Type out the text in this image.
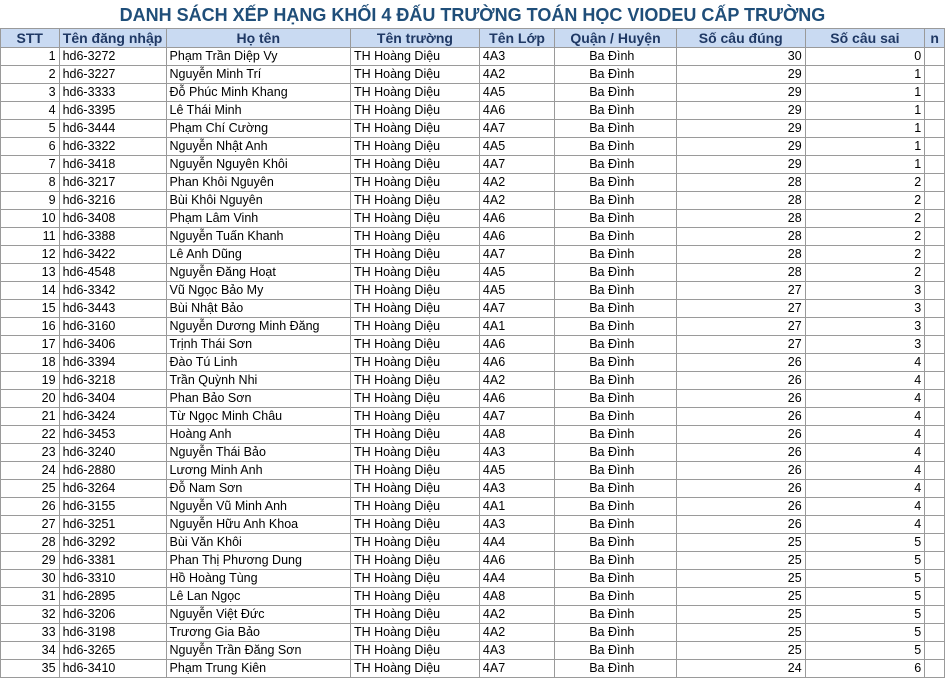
DANH SÁCH XẾP HẠNG KHỐI 4 ĐẤU TRƯỜNG TOÁN HỌC VIODEU CẤP TRƯỜNG
STT	Tên đăng nhập	Họ tên	Tên trường	Tên Lớp	Quận / Huyện	Số câu đúng	Số câu sai	n
1	hd6-3272	Phạm Trần Diệp Vy	TH Hoàng Diệu	4A3	Ba Đình	30	0	
2	hd6-3227	Nguyễn Minh Trí	TH Hoàng Diệu	4A2	Ba Đình	29	1	
3	hd6-3333	Đỗ Phúc Minh Khang	TH Hoàng Diệu	4A5	Ba Đình	29	1	
4	hd6-3395	Lê Thái Minh	TH Hoàng Diệu	4A6	Ba Đình	29	1	
5	hd6-3444	Phạm Chí Cường	TH Hoàng Diệu	4A7	Ba Đình	29	1	
6	hd6-3322	Nguyễn Nhật Anh	TH Hoàng Diệu	4A5	Ba Đình	29	1	
7	hd6-3418	Nguyễn Nguyên Khôi	TH Hoàng Diệu	4A7	Ba Đình	29	1	
8	hd6-3217	Phan Khôi Nguyên	TH Hoàng Diệu	4A2	Ba Đình	28	2	
9	hd6-3216	Bùi Khôi Nguyên	TH Hoàng Diệu	4A2	Ba Đình	28	2	
10	hd6-3408	Phạm Lâm Vinh	TH Hoàng Diệu	4A6	Ba Đình	28	2	
11	hd6-3388	Nguyễn Tuấn Khanh	TH Hoàng Diệu	4A6	Ba Đình	28	2	
12	hd6-3422	Lê Anh Dũng	TH Hoàng Diệu	4A7	Ba Đình	28	2	
13	hd6-4548	Nguyễn Đăng Hoạt	TH Hoàng Diệu	4A5	Ba Đình	28	2	
14	hd6-3342	Vũ Ngọc Bảo My	TH Hoàng Diệu	4A5	Ba Đình	27	3	
15	hd6-3443	Bùi Nhật Bảo	TH Hoàng Diệu	4A7	Ba Đình	27	3	
16	hd6-3160	Nguyễn Dương Minh Đăng	TH Hoàng Diệu	4A1	Ba Đình	27	3	
17	hd6-3406	Trịnh Thái Sơn	TH Hoàng Diệu	4A6	Ba Đình	27	3	
18	hd6-3394	Đào Tú Linh	TH Hoàng Diệu	4A6	Ba Đình	26	4	
19	hd6-3218	Trần Quỳnh Nhi	TH Hoàng Diệu	4A2	Ba Đình	26	4	
20	hd6-3404	Phan Bảo Sơn	TH Hoàng Diệu	4A6	Ba Đình	26	4	
21	hd6-3424	Từ Ngọc Minh Châu	TH Hoàng Diệu	4A7	Ba Đình	26	4	
22	hd6-3453	Hoàng Anh	TH Hoàng Diệu	4A8	Ba Đình	26	4	
23	hd6-3240	Nguyễn Thái Bảo	TH Hoàng Diệu	4A3	Ba Đình	26	4	
24	hd6-2880	Lương Minh Anh	TH Hoàng Diệu	4A5	Ba Đình	26	4	
25	hd6-3264	Đỗ Nam Sơn	TH Hoàng Diệu	4A3	Ba Đình	26	4	
26	hd6-3155	Nguyễn Vũ Minh Anh	TH Hoàng Diệu	4A1	Ba Đình	26	4	
27	hd6-3251	Nguyễn Hữu Anh Khoa	TH Hoàng Diệu	4A3	Ba Đình	26	4	
28	hd6-3292	Bùi Văn Khôi	TH Hoàng Diệu	4A4	Ba Đình	25	5	
29	hd6-3381	Phan Thị Phương Dung	TH Hoàng Diệu	4A6	Ba Đình	25	5	
30	hd6-3310	Hồ Hoàng Tùng	TH Hoàng Diệu	4A4	Ba Đình	25	5	
31	hd6-2895	Lê Lan Ngọc	TH Hoàng Diệu	4A8	Ba Đình	25	5	
32	hd6-3206	Nguyễn Việt Đức	TH Hoàng Diệu	4A2	Ba Đình	25	5	
33	hd6-3198	Trương Gia Bảo	TH Hoàng Diệu	4A2	Ba Đình	25	5	
34	hd6-3265	Nguyễn Trần Đăng Sơn	TH Hoàng Diệu	4A3	Ba Đình	25	5	
35	hd6-3410	Phạm Trung Kiên	TH Hoàng Diệu	4A7	Ba Đình	24	6	
